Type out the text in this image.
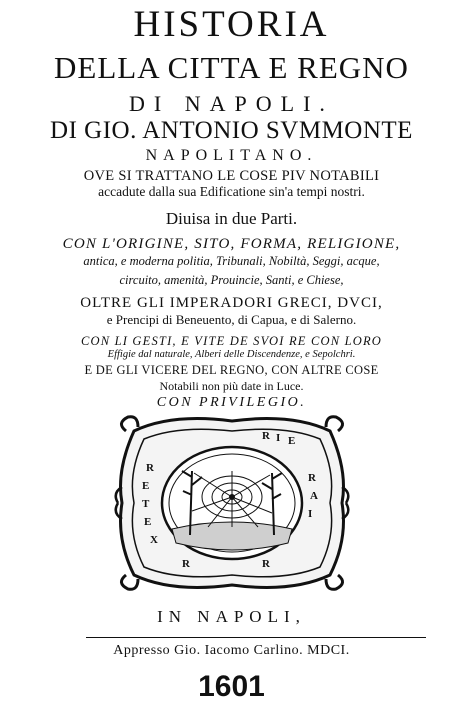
HISTORIA
DELLA CITTA E REGNO
DI NAPOLI.
DI GIO. ANTONIO SVMMONTE
NAPOLITANO.
OVE SI TRATTANO LE COSE PIV NOTABILI
accadute dalla sua Edificatione sin'a tempi nostri.
Diuisa in due Parti.
CON L'ORIGINE, SITO, FORMA, RELIGIONE,
antica, e moderna politia, Tribunali, Nobiltà, Seggi, acque,
circuito, amenità, Prouincie, Santi, e Chiese,
OLTRE GLI IMPERADORI GRECI, DVCI,
e Prencipi di Beneuento, di Capua, e di Salerno.
CON LI GESTI, E VITE DE SVOI RE CON LORO
Effigie dal naturale, Alberi delle Discendenze, e Sepolchri.
E DE GLI VICERE DEL REGNO, CON ALTRE COSE
Notabili non più date in Luce.
CON PRIVILEGIO.
R I E
R
A
I
R
E
T
E
X
R	R
IN NAPOLI,
Appresso Gio. Iacomo Carlino. MDCI.
1601
